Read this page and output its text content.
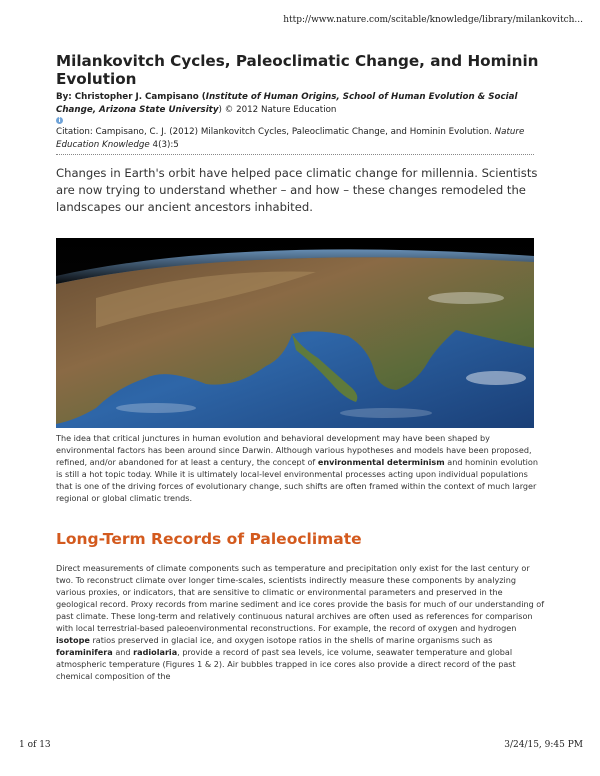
http://www.nature.com/scitable/knowledge/library/milankovitch...
Milankovitch Cycles, Paleoclimatic Change, and Hominin Evolution
By: Christopher J. Campisano (Institute of Human Origins, School of Human Evolution & Social Change, Arizona State University) © 2012 Nature Education
i
Citation: Campisano, C. J. (2012) Milankovitch Cycles, Paleoclimatic Change, and Hominin Evolution. Nature Education Knowledge 4(3):5
Changes in Earth's orbit have helped pace climatic change for millennia. Scientists are now trying to understand whether – and how – these changes remodeled the landscapes our ancient ancestors inhabited.
The idea that critical junctures in human evolution and behavioral development may have been shaped by environmental factors has been around since Darwin. Although various hypotheses and models have been proposed, refined, and/or abandoned for at least a century, the concept of environmental determinism and hominin evolution is still a hot topic today. While it is ultimately local-level environmental processes acting upon individual populations that is one of the driving forces of evolutionary change, such shifts are often framed within the context of much larger regional or global climatic trends.
Long-Term Records of Paleoclimate
Direct measurements of climate components such as temperature and precipitation only exist for the last century or two. To reconstruct climate over longer time-scales, scientists indirectly measure these components by analyzing various proxies, or indicators, that are sensitive to climatic or environmental parameters and preserved in the geological record. Proxy records from marine sediment and ice cores provide the basis for much of our understanding of past climate. These long-term and relatively continuous natural archives are often used as references for comparison with local terrestrial-based paleoenvironmental reconstructions. For example, the record of oxygen and hydrogen isotope ratios preserved in glacial ice, and oxygen isotope ratios in the shells of marine organisms such as foraminifera and radiolaria, provide a record of past sea levels, ice volume, seawater temperature and global atmospheric temperature (Figures 1 & 2). Air bubbles trapped in ice cores also provide a direct record of the past chemical composition of the
1 of 13	3/24/15, 9:45 PM
